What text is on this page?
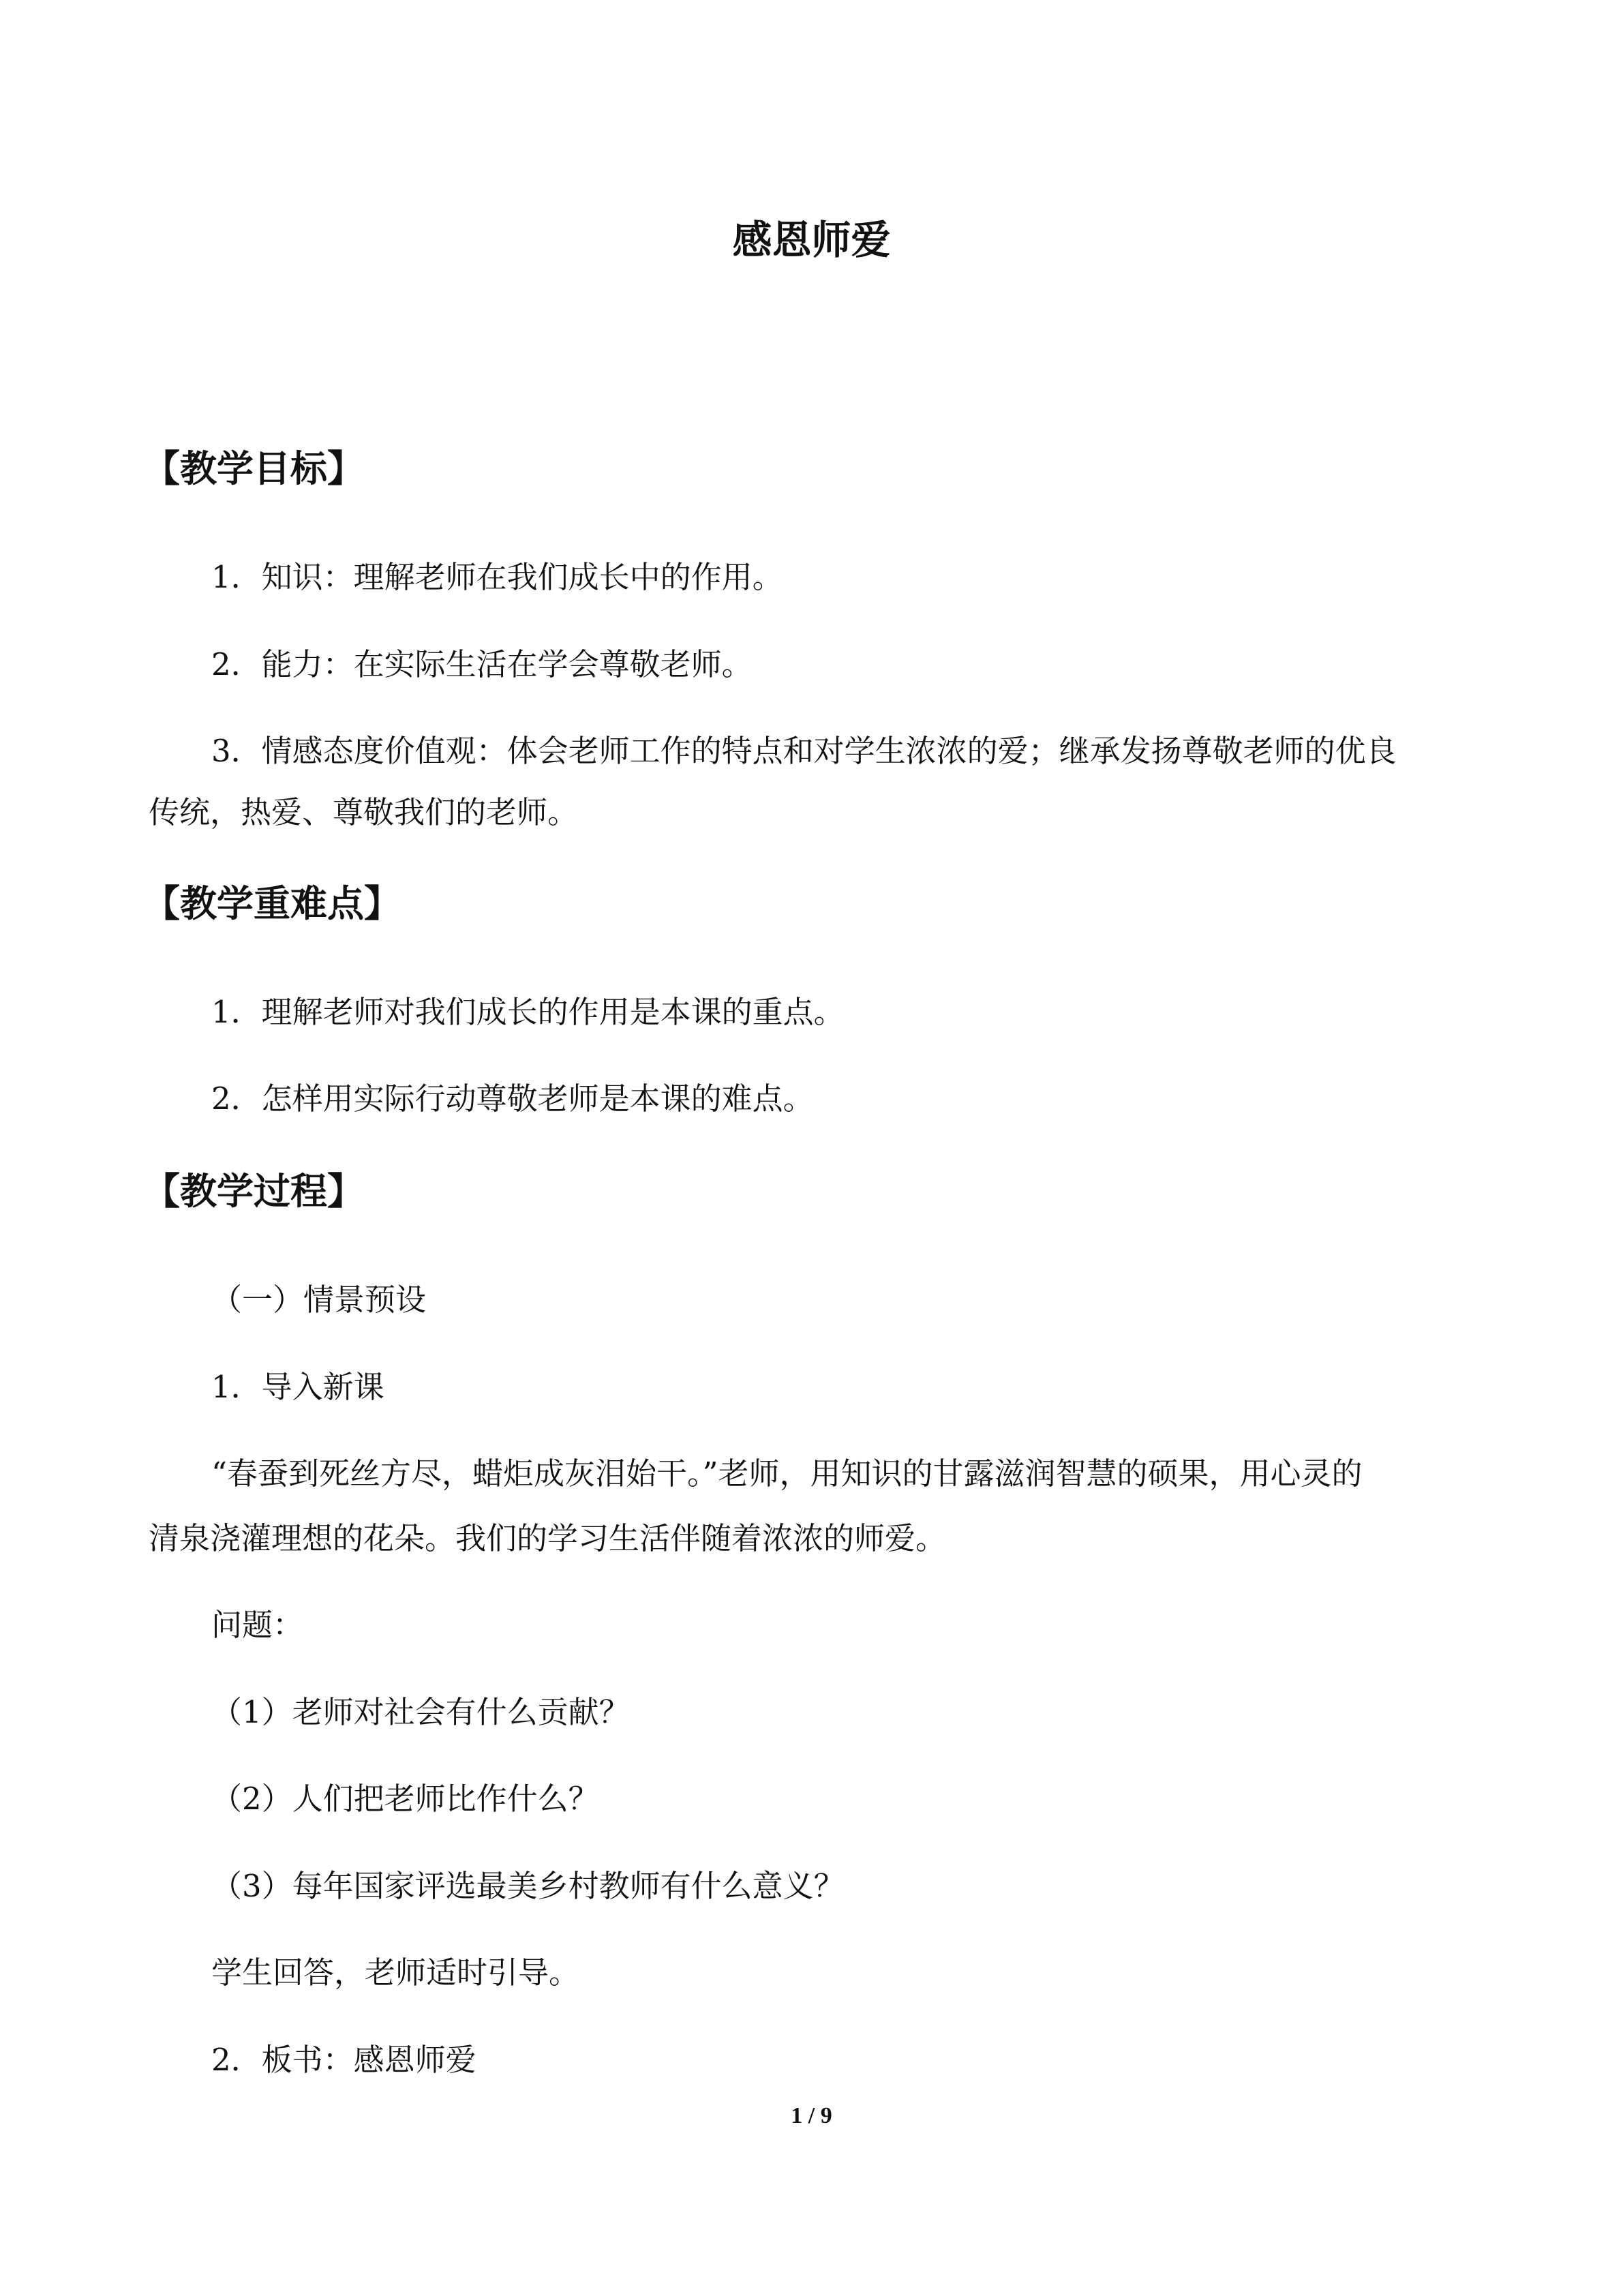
感恩师爱
【教学目标】
1．知识：理解老师在我们成长中的作用。
2．能力：在实际生活在学会尊敬老师。
3．情感态度价值观：体会老师工作的特点和对学生浓浓的爱；继承发扬尊敬老师的优良
传统，热爱、尊敬我们的老师。
【教学重难点】
1．理解老师对我们成长的作用是本课的重点。
2．怎样用实际行动尊敬老师是本课的难点。
【教学过程】
（一）情景预设
1．导入新课
“春蚕到死丝方尽，蜡炬成灰泪始干。”老师，用知识的甘露滋润智慧的硕果，用心灵的
清泉浇灌理想的花朵。我们的学习生活伴随着浓浓的师爱。
问题：
（1）老师对社会有什么贡献？
（2）人们把老师比作什么？
（3）每年国家评选最美乡村教师有什么意义？
学生回答，老师适时引导。
2．板书：感恩师爱
1 / 9
